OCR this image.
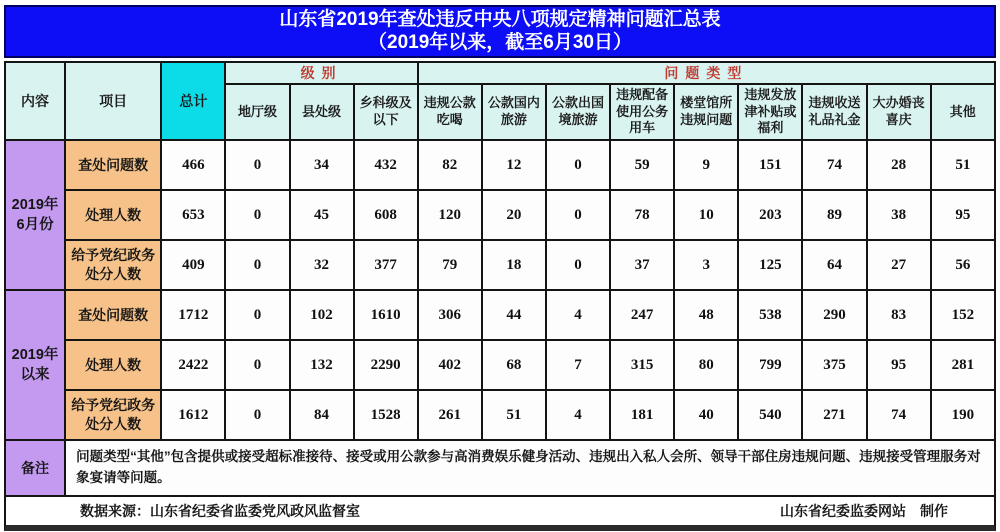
山东省2019年查处违反中央八项规定精神问题汇总表
（2019年以来，截至6月30日）
内容	项目	总计	级别			问题类型								
			地厅级	县处级	乡科级及以下	违规公款吃喝	公款国内旅游	公款出国境旅游	违规配备使用公务用车	楼堂馆所违规问题	违规发放津补贴或福利	违规收送礼品礼金	大办婚丧喜庆	其他

2019年
6月份	查处问题数	466	0	34	432	82	12	0	59	9	151	74	28	51
	处理人数	653	0	45	608	120	20	0	78	10	203	89	38	95
	给予党纪政务处分人数	409	0	32	377	79	18	0	37	3	125	64	27	56

2019年
以来	查处问题数	1712	0	102	1610	306	44	4	247	48	538	290	83	152
	处理人数	2422	0	132	2290	402	68	7	315	80	799	375	95	281
	给予党纪政务处分人数	1612	0	84	1528	261	51	4	181	40	540	271	74	190
备注	问题类型“其他”包含提供或接受超标准接待、接受或用公款参与高消费娱乐健身活动、违规出入私人会所、领导干部住房违规问题、违规接受管理服务对象宴请等问题。													
数据来源：山东省纪委省监委党风政风监督室	山东省纪委监委网站　制作
